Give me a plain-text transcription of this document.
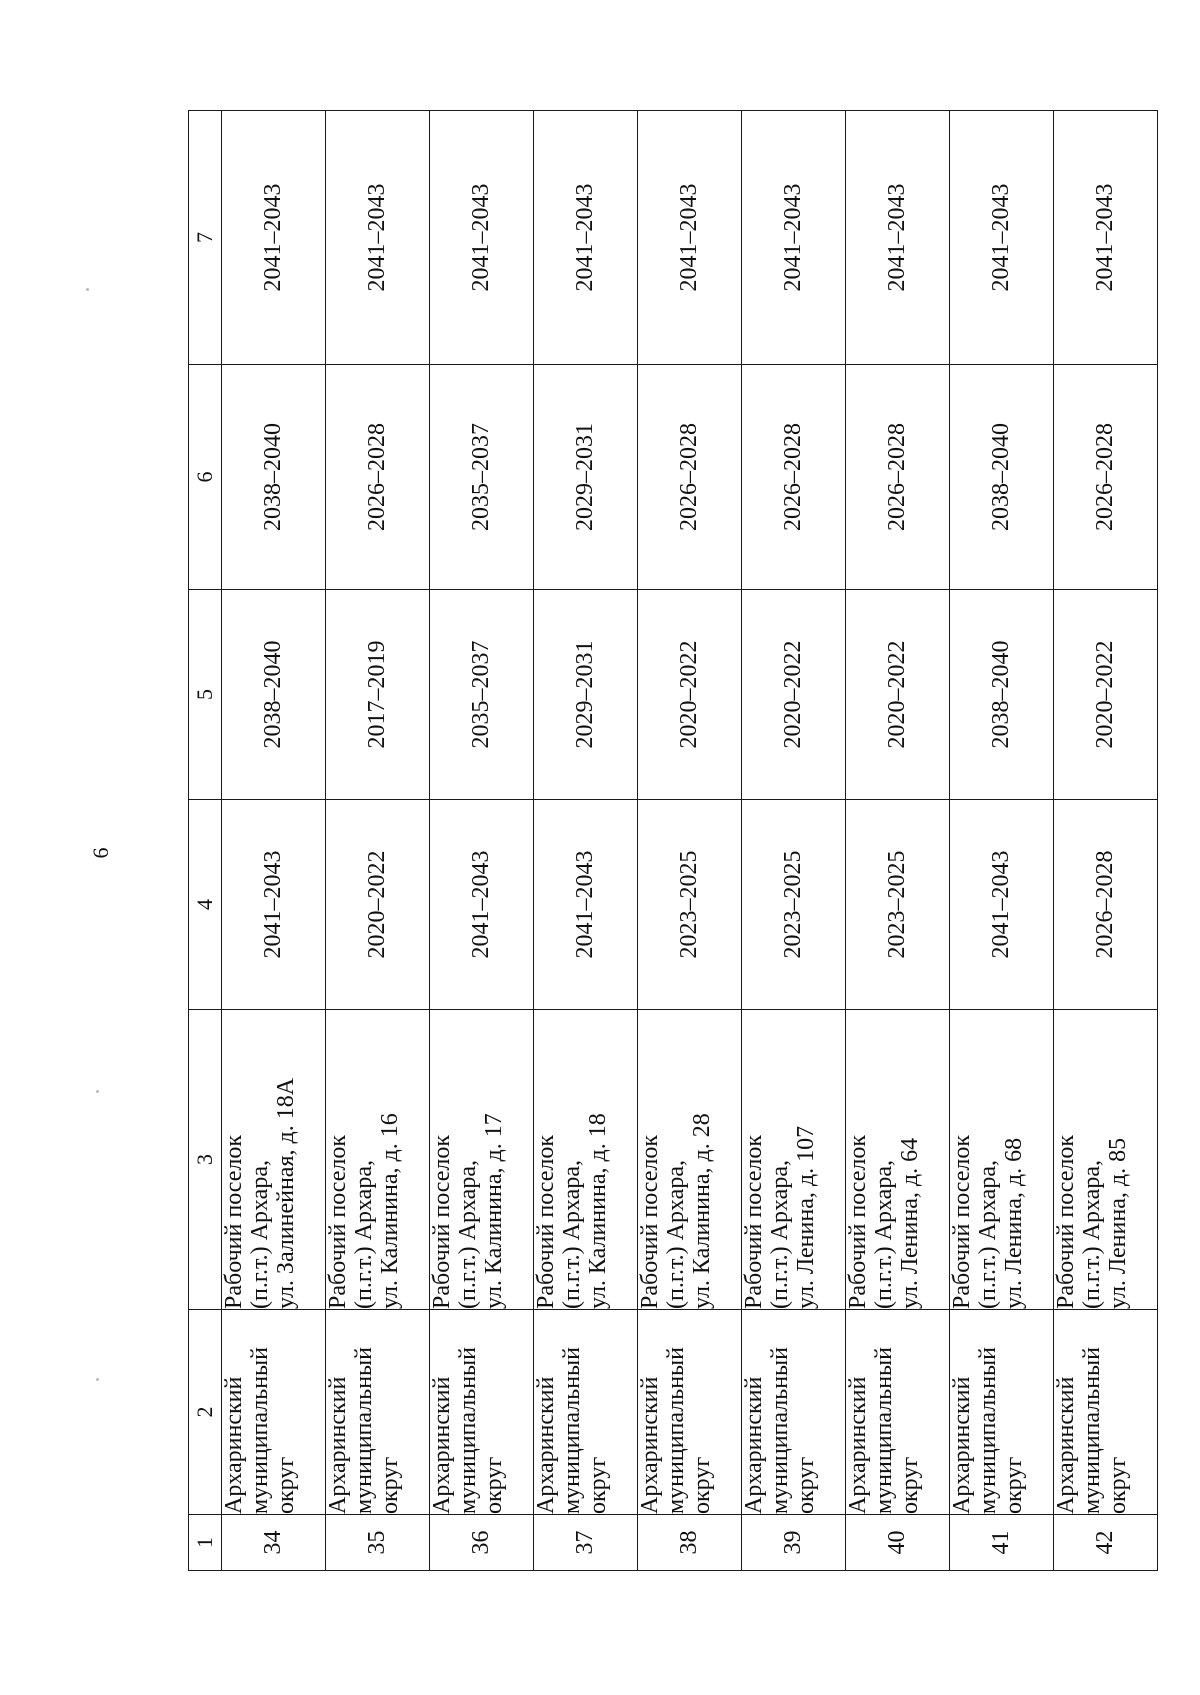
6
1	2	3	4	5	6	7
34	Архаринский муниципальный округ	Рабочий поселок (п.г.т.) Архара, ул. Залинейная, д. 18А	2041–2043	2038–2040	2038–2040	2041–2043
35	Архаринский муниципальный округ	Рабочий поселок (п.г.т.) Архара, ул. Калинина, д. 16	2020–2022	2017–2019	2026–2028	2041–2043
36	Архаринский муниципальный округ	Рабочий поселок (п.г.т.) Архара, ул. Калинина, д. 17	2041–2043	2035–2037	2035–2037	2041–2043
37	Архаринский муниципальный округ	Рабочий поселок (п.г.т.) Архара, ул. Калинина, д. 18	2041–2043	2029–2031	2029–2031	2041–2043
38	Архаринский муниципальный округ	Рабочий поселок (п.г.т.) Архара, ул. Калинина, д. 28	2023–2025	2020–2022	2026–2028	2041–2043
39	Архаринский муниципальный округ	Рабочий поселок (п.г.т.) Архара, ул. Ленина, д. 107	2023–2025	2020–2022	2026–2028	2041–2043
40	Архаринский муниципальный округ	Рабочий поселок (п.г.т.) Архара, ул. Ленина, д. 64	2023–2025	2020–2022	2026–2028	2041–2043
41	Архаринский муниципальный округ	Рабочий поселок (п.г.т.) Архара, ул. Ленина, д. 68	2041–2043	2038–2040	2038–2040	2041–2043
42	Архаринский муниципальный округ	Рабочий поселок (п.г.т.) Архара, ул. Ленина, д. 85	2026–2028	2020–2022	2026–2028	2041–2043
